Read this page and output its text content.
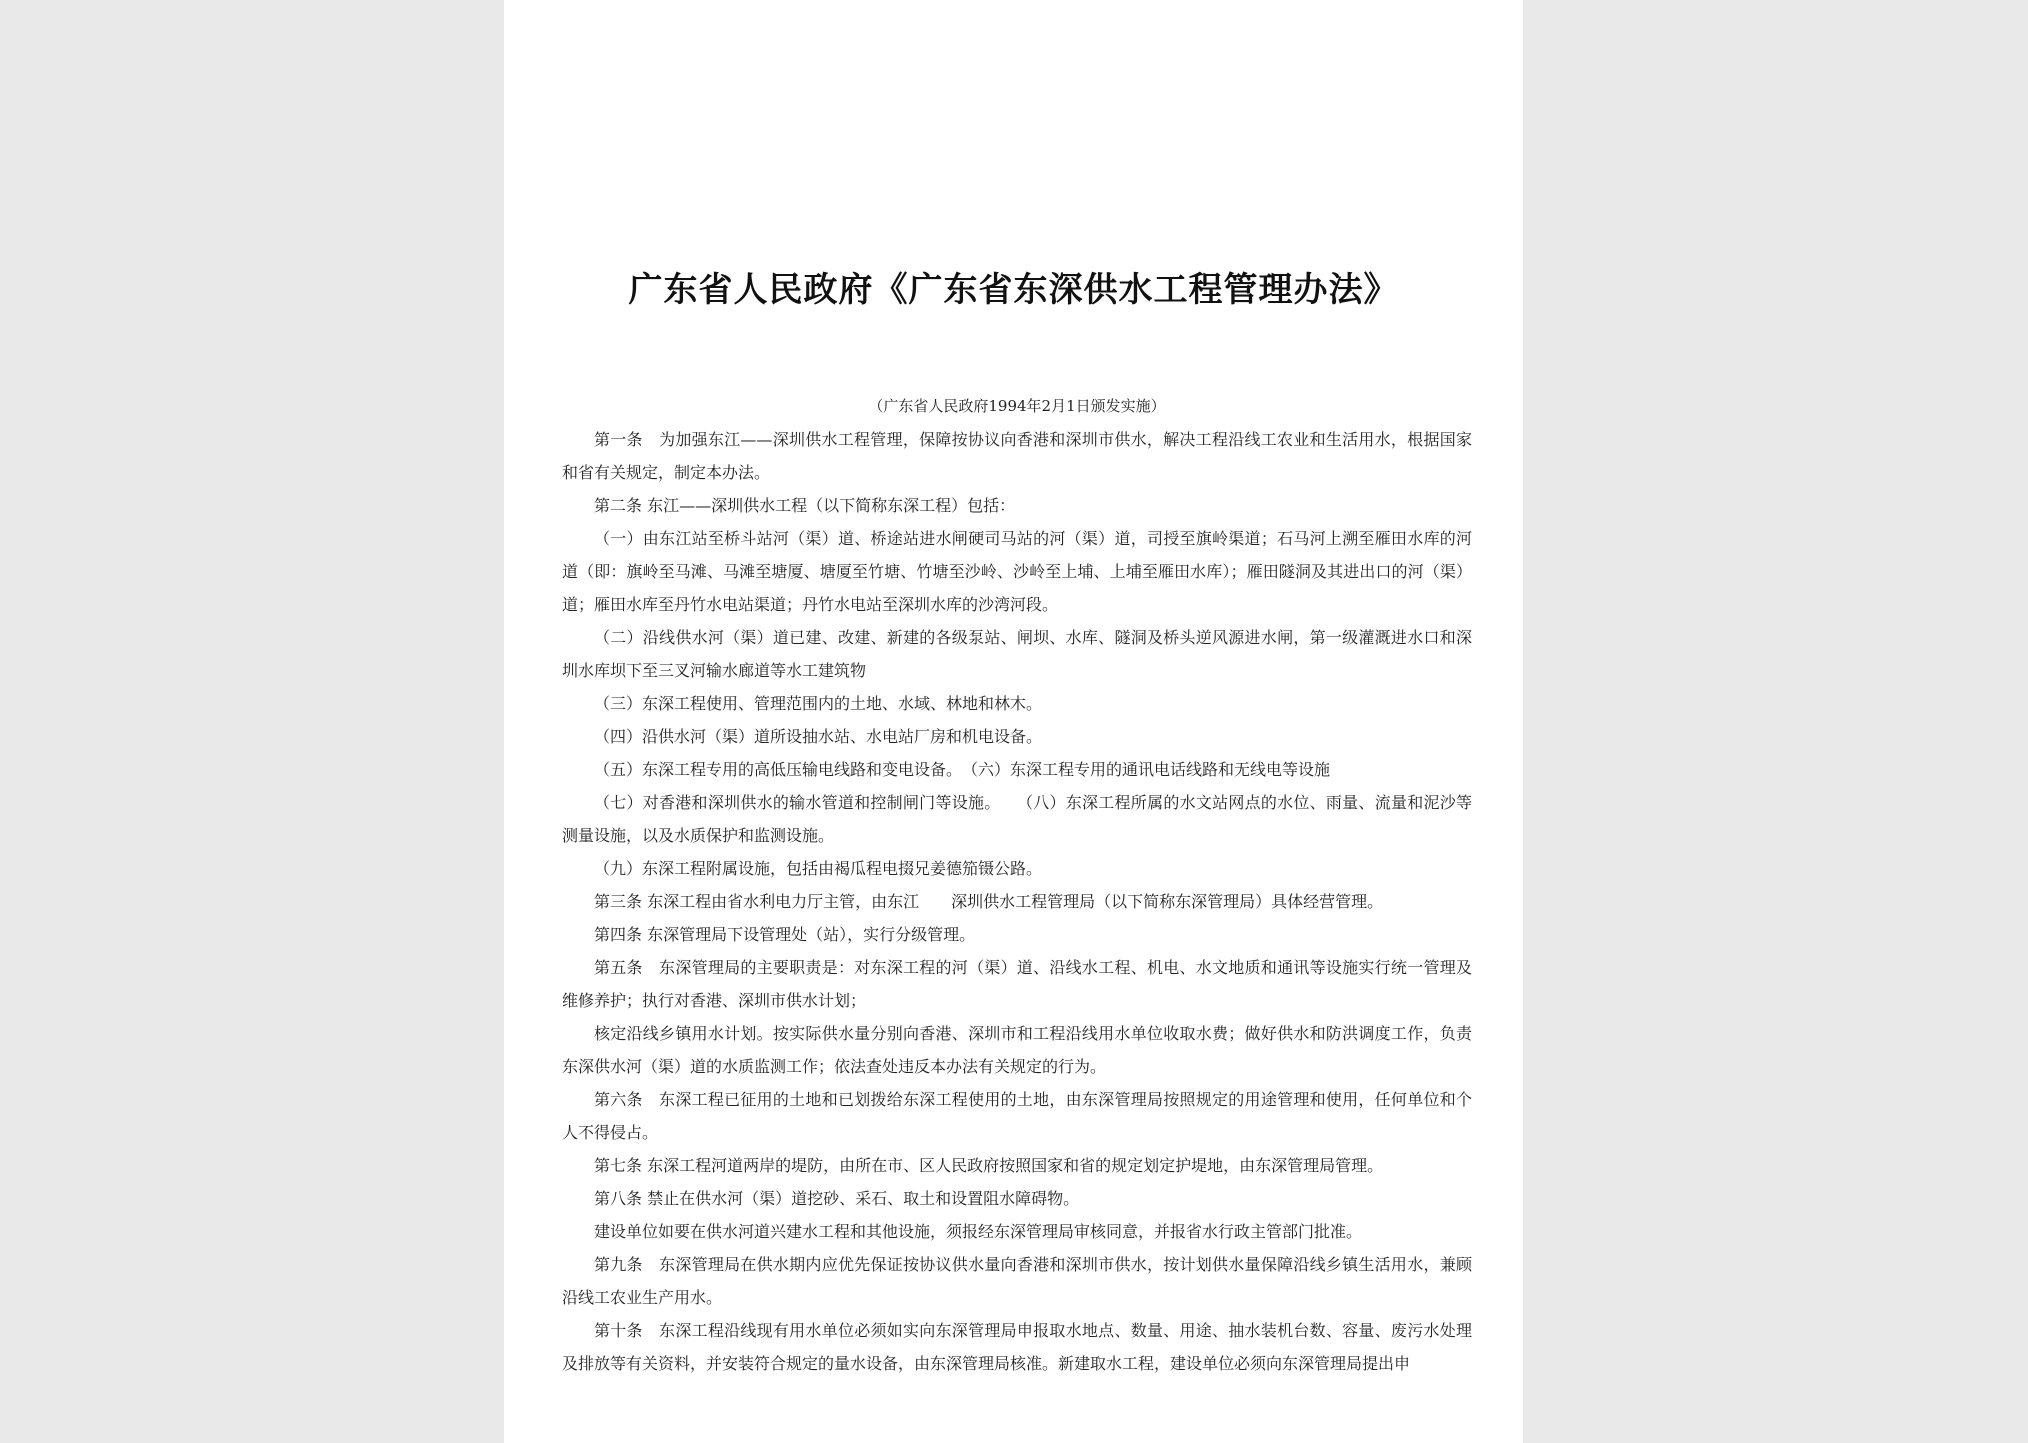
广东省人民政府《广东省东深供水工程管理办法》
（广东省人民政府1994年2月1日颁发实施）

第一条　为加强东江——深圳供水工程管理，保障按协议向香港和深圳市供水，解决工程沿线工农业和生活用水，根据国家和省有关规定，制定本办法。

第二条 东江——深圳供水工程（以下简称东深工程）包括：

（一）由东江站至桥斗站河（渠）道、桥途站进水闸硬司马站的河（渠）道，司授至旗岭渠道；石马河上溯至雁田水库的河道（即：旗岭至马滩、马滩至塘厦、塘厦至竹塘、竹塘至沙岭、沙岭至上埔、上埔至雁田水库）；雁田隧洞及其进出口的河（渠）道；雁田水库至丹竹水电站渠道；丹竹水电站至深圳水库的沙湾河段。

（二）沿线供水河（渠）道已建、改建、新建的各级泵站、闸坝、水库、隧洞及桥头逆风源进水闸，第一级灌溉进水口和深圳水库坝下至三叉河输水廊道等水工建筑物

（三）东深工程使用、管理范围内的土地、水域、林地和林木。

（四）沿供水河（渠）道所设抽水站、水电站厂房和机电设备。

（五）东深工程专用的高低压输电线路和变电设备。　（六）东深工程专用的通讯电话线路和无线电等设施

（七）对香港和深圳供水的输水管道和控制闸门等设施。　　（八）东深工程所属的水文站网点的水位、雨量、流量和泥沙等测量设施，以及水质保护和监测设施。

（九）东深工程附属设施，包括由褐瓜程电掇兄姜德笳镊公路。

第三条 东深工程由省水利电力厅主管，由东江　　深圳供水工程管理局（以下简称东深管理局）具体经营管理。

第四条 东深管理局下设管理处（站），实行分级管理。

第五条　东深管理局的主要职责是：对东深工程的河（渠）道、沿线水工程、机电、水文地质和通讯等设施实行统一管理及维修养护；执行对香港、深圳市供水计划；

核定沿线乡镇用水计划。按实际供水量分别向香港、深圳市和工程沿线用水单位收取水费；做好供水和防洪调度工作，负责东深供水河（渠）道的水质监测工作；依法查处违反本办法有关规定的行为。

第六条　东深工程已征用的土地和已划拨给东深工程使用的土地，由东深管理局按照规定的用途管理和使用，任何单位和个人不得侵占。

第七条 东深工程河道两岸的堤防，由所在市、区人民政府按照国家和省的规定划定护堤地，由东深管理局管理。

第八条 禁止在供水河（渠）道挖砂、采石、取土和设置阻水障碍物。

建设单位如要在供水河道兴建水工程和其他设施，须报经东深管理局审核同意，并报省水行政主管部门批准。

第九条　东深管理局在供水期内应优先保证按协议供水量向香港和深圳市供水，按计划供水量保障沿线乡镇生活用水，兼顾沿线工农业生产用水。

第十条　东深工程沿线现有用水单位必须如实向东深管理局申报取水地点、数量、用途、抽水装机台数、容量、废污水处理及排放等有关资料，并安装符合规定的量水设备，由东深管理局核准。新建取水工程，建设单位必须向东深管理局提出申
